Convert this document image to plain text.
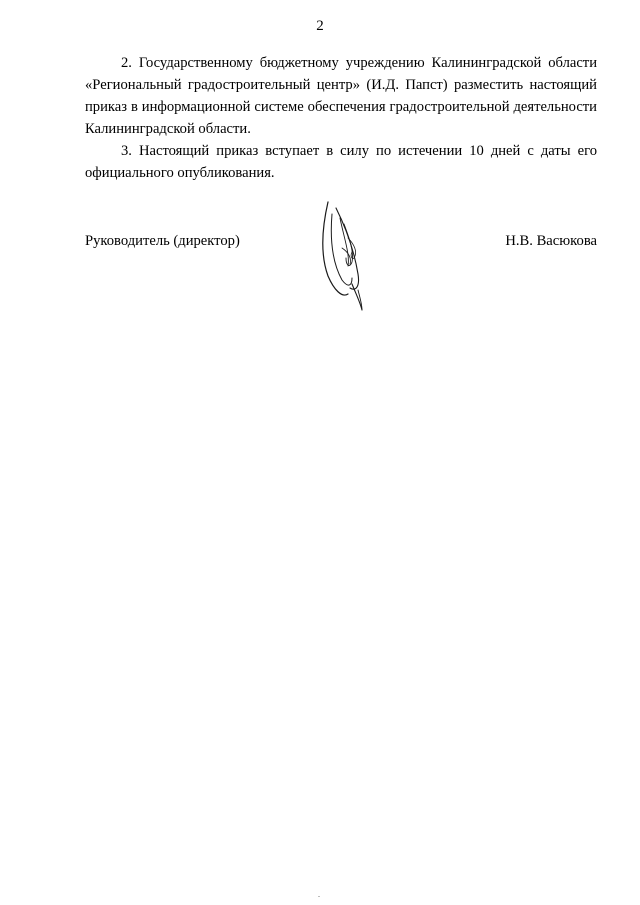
2

2. Государственному бюджетному учреждению Калининградской области «Региональный градостроительный центр» (И.Д. Папст) разместить настоящий приказ в информационной системе обеспечения градостроительной деятельности Калининградской области.

3. Настоящий приказ вступает в силу по истечении 10 дней с даты его официального опубликования.

Руководитель (директор)	Н.В. Васюкова
